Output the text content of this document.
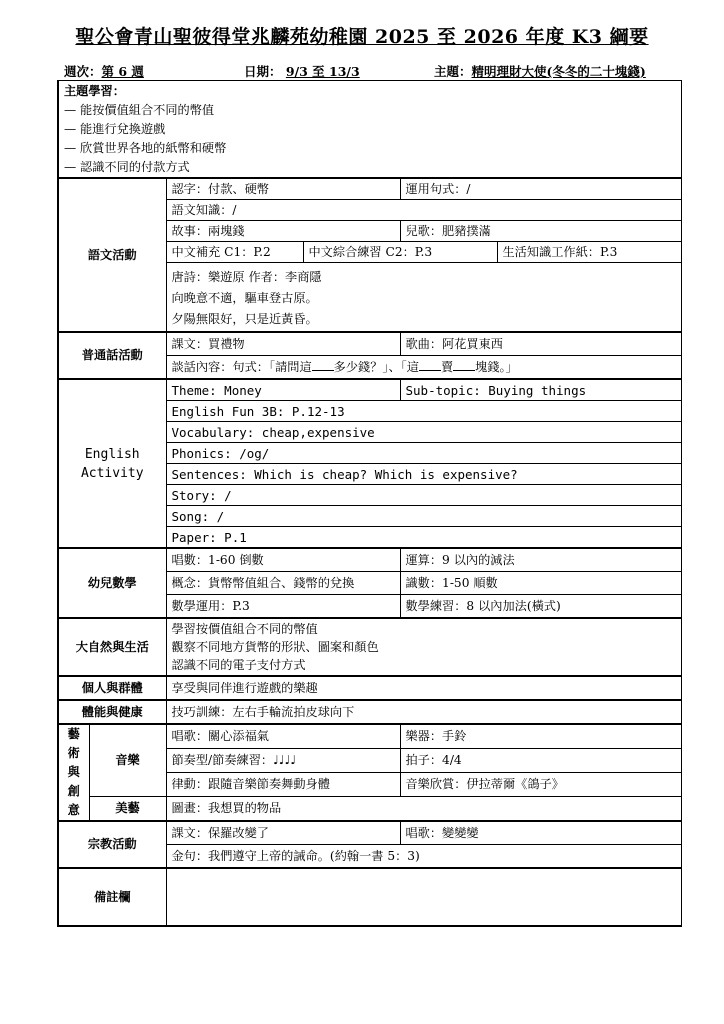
聖公會青山聖彼得堂兆麟苑幼稚園 2025 至 2026 年度 K3 綱要
週次：第 6 週	日期： 9/3 至 13/3	主題：精明理財大使(冬冬的二十塊錢)
主題學習：
— 能按價值組合不同的幣值
— 能進行兌換遊戲
— 欣賞世界各地的紙幣和硬幣
— 認識不同的付款方式					

語文活動		認字：付款、硬幣		運用句式：/	
		語文知識：/			
		故事：兩塊錢		兒歌：肥豬撲滿	
		中文補充 C1：P.2	中文綜合練習 C2：P.3		生活知識工作紙：P.3

		唐詩：樂遊原 作者：李商隱
向晚意不適，驅車登古原。
夕陽無限好，只是近黃昏。			

普通話活動		課文：買禮物		歌曲：阿花買東西	
		談話內容：句式：「請問這 多少錢？」、「這 賣 塊錢。」			

English
Activity		Theme: Money		Sub-topic: Buying things	
		English Fun 3B: P.12-13			
		Vocabulary: cheap,expensive			
		Phonics: /og/			
		Sentences: Which is cheap? Which is expensive?			
		Story: /			
		Song: /			
		Paper: P.1			
幼兒數學		唱數：1-60 倒數		運算：9 以內的減法	
		概念：貨幣幣值組合、錢幣的兌換		識數：1-50 順數	
		數學運用：P.3		數學練習：8 以內加法(橫式)	
大自然與生活		學習按價值組合不同的幣值
觀察不同地方貨幣的形狀、圖案和顏色
認識不同的電子支付方式			

個人與群體		享受與同伴進行遊戲的樂趣			
體能與健康		技巧訓練：左右手輪流拍皮球向下			

藝
術
與
創
意	音樂	唱歌：關心添福氣		樂器：手鈴	
		節奏型/節奏練習：♩♩♩♩		拍子：4/4	
		律動：跟隨音樂節奏舞動身體		音樂欣賞：伊拉蒂爾《鴿子》	
	美藝	圖畫：我想買的物品			
宗教活動		課文：保羅改變了		唱歌：變變變	
		金句：我們遵守上帝的誡命。(約翰一書 5：3)			
備註欄					
